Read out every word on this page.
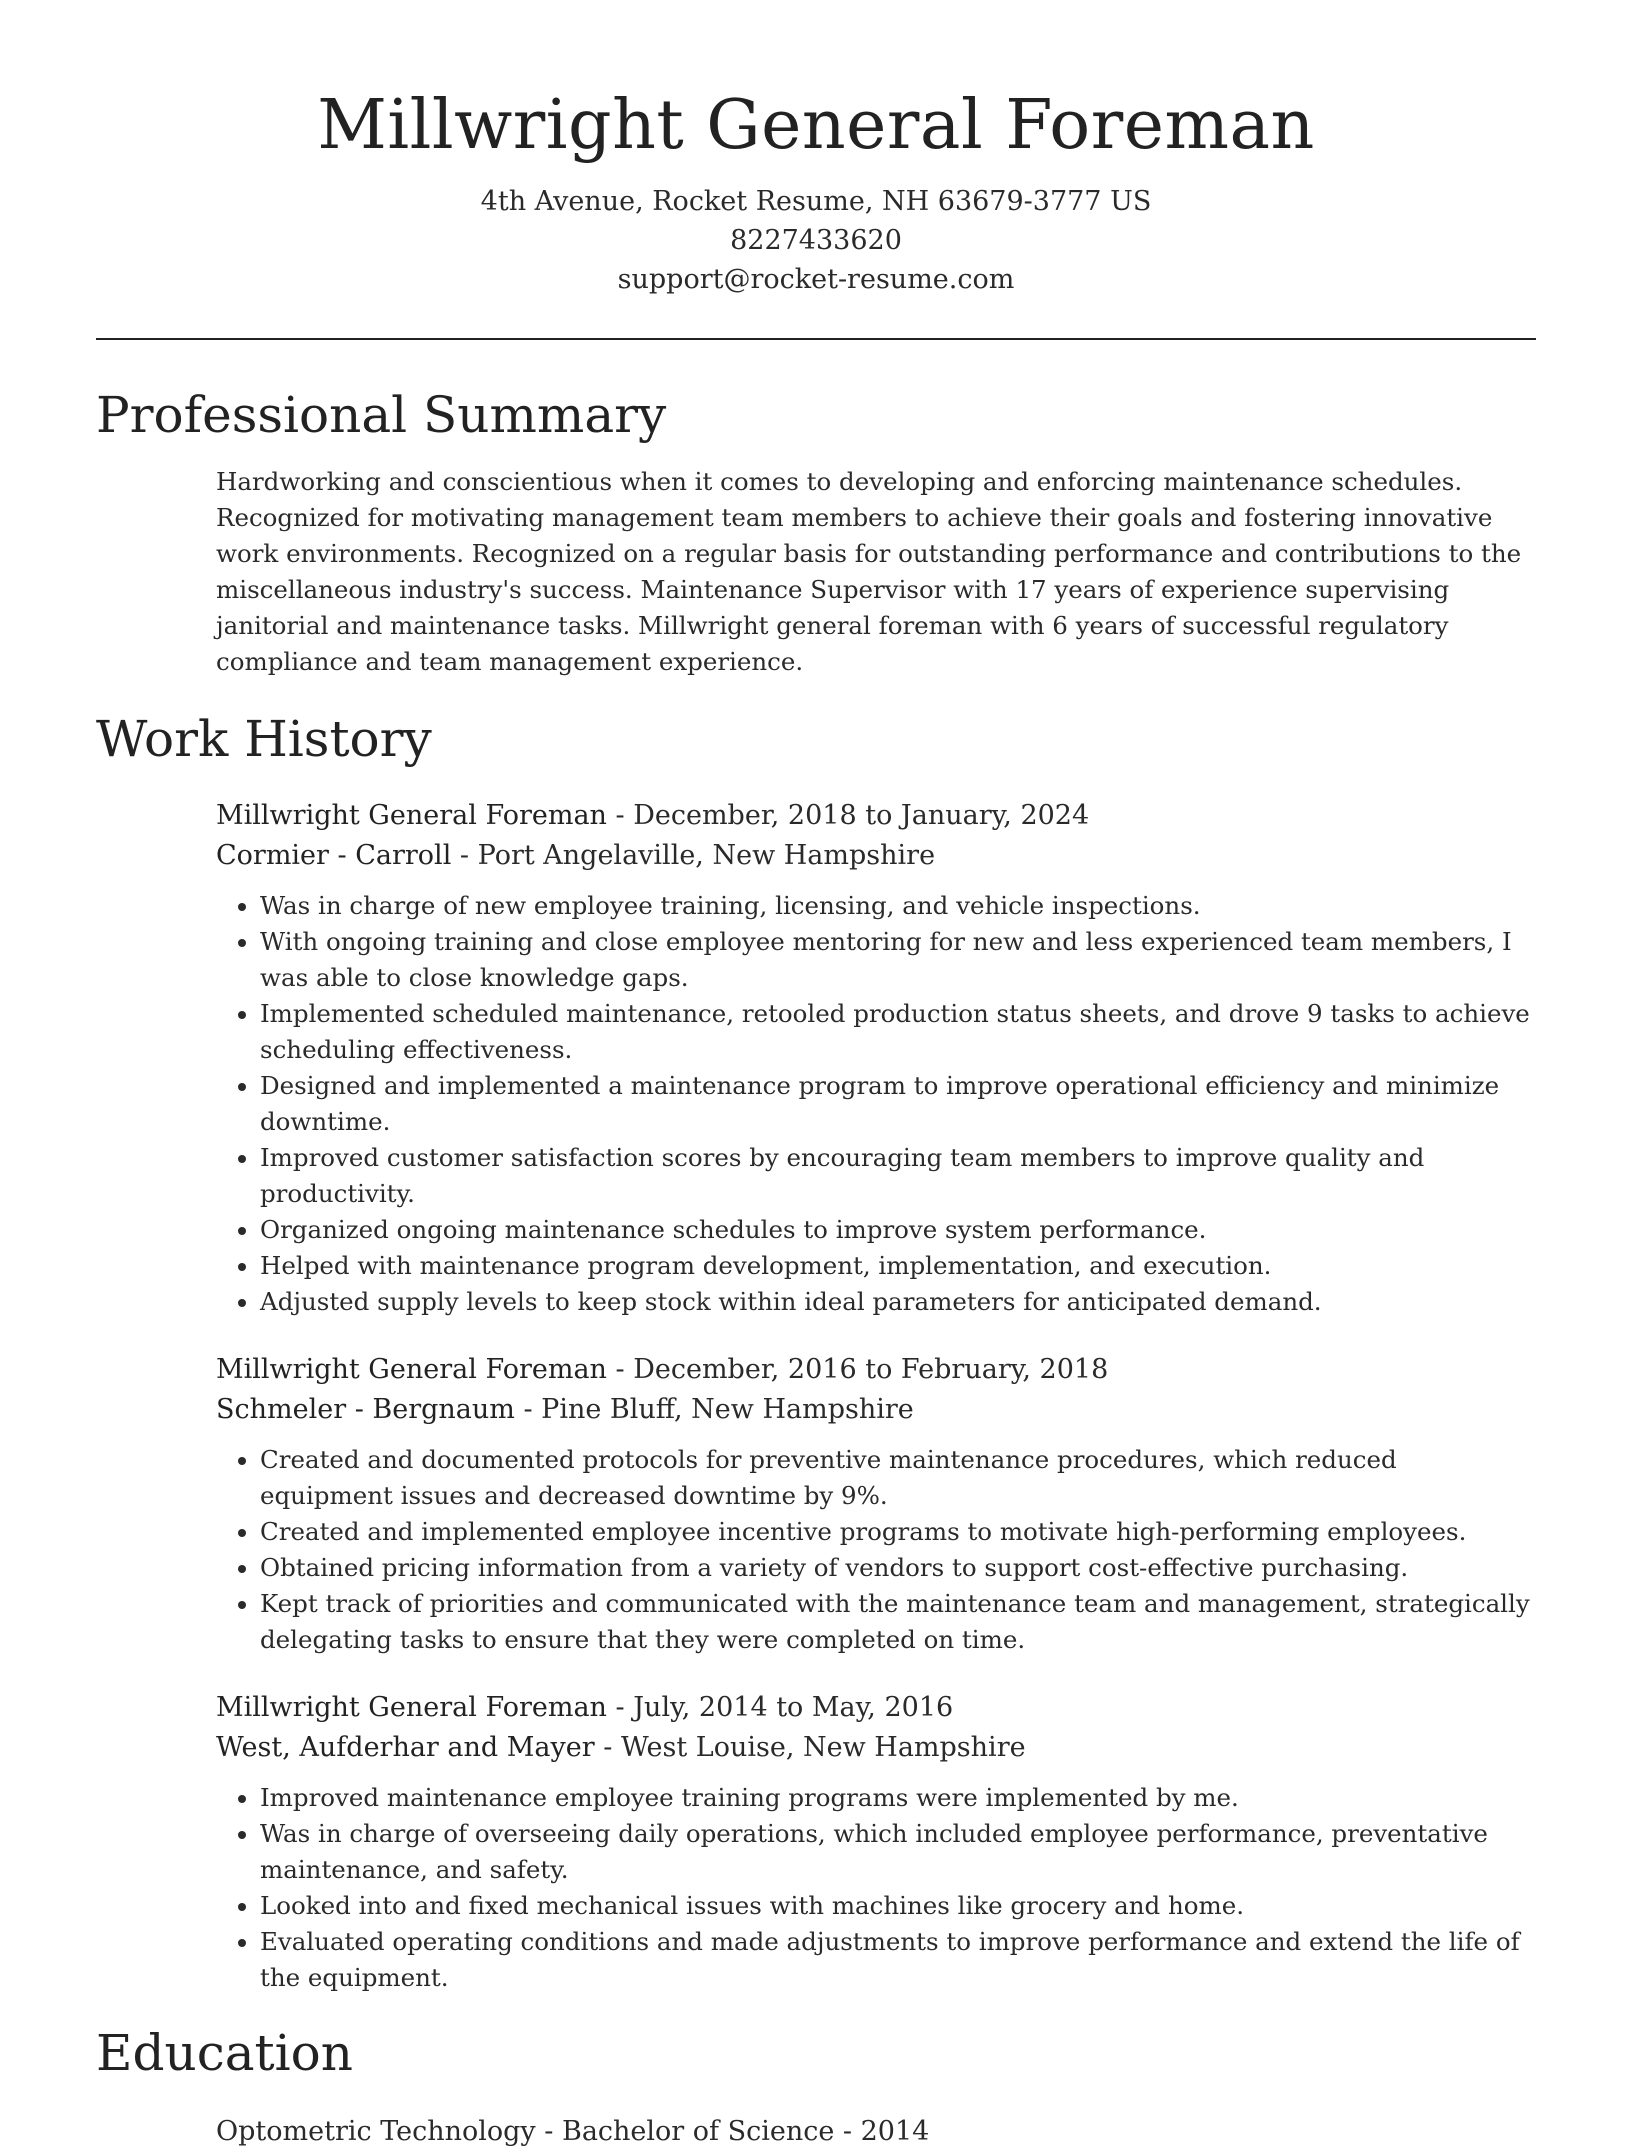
Millwright General Foreman
4th Avenue, Rocket Resume, NH 63679-3777 US
8227433620
support@rocket-resume.com
Professional Summary
Hardworking and conscientious when it comes to developing and enforcing maintenance schedules. Recognized for motivating management team members to achieve their goals and fostering innovative work environments. Recognized on a regular basis for outstanding performance and contributions to the miscellaneous industry's success. Maintenance Supervisor with 17 years of experience supervising janitorial and maintenance tasks. Millwright general foreman with 6 years of successful regulatory compliance and team management experience.
Work History
Millwright General Foreman - December, 2018 to January, 2024
Cormier - Carroll - Port Angelaville, New Hampshire
• Was in charge of new employee training, licensing, and vehicle inspections.
• With ongoing training and close employee mentoring for new and less experienced team members, I was able to close knowledge gaps.
• Implemented scheduled maintenance, retooled production status sheets, and drove 9 tasks to achieve scheduling effectiveness.
• Designed and implemented a maintenance program to improve operational efficiency and minimize downtime.
• Improved customer satisfaction scores by encouraging team members to improve quality and productivity.
• Organized ongoing maintenance schedules to improve system performance.
• Helped with maintenance program development, implementation, and execution.
• Adjusted supply levels to keep stock within ideal parameters for anticipated demand.
Millwright General Foreman - December, 2016 to February, 2018
Schmeler - Bergnaum - Pine Bluff, New Hampshire
• Created and documented protocols for preventive maintenance procedures, which reduced equipment issues and decreased downtime by 9%.
• Created and implemented employee incentive programs to motivate high-performing employees.
• Obtained pricing information from a variety of vendors to support cost-effective purchasing.
• Kept track of priorities and communicated with the maintenance team and management, strategically delegating tasks to ensure that they were completed on time.
Millwright General Foreman - July, 2014 to May, 2016
West, Aufderhar and Mayer - West Louise, New Hampshire
• Improved maintenance employee training programs were implemented by me.
• Was in charge of overseeing daily operations, which included employee performance, preventative maintenance, and safety.
• Looked into and fixed mechanical issues with machines like grocery and home.
• Evaluated operating conditions and made adjustments to improve performance and extend the life of the equipment.
Education
Optometric Technology - Bachelor of Science - 2014
